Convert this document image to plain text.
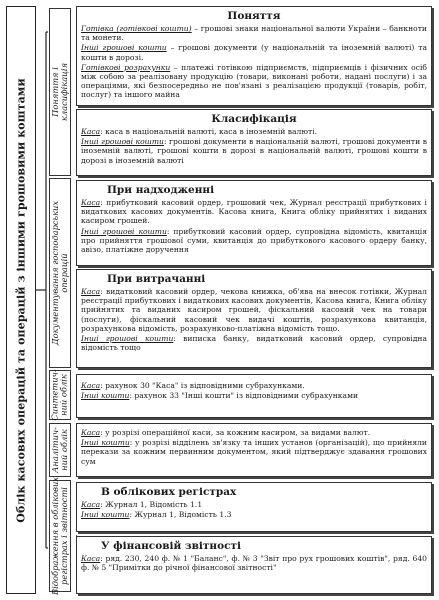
Облік касових операцій та операцій з іншими грошовими коштами	Поняття і
класифікація
Документування господарських
операцій
Синтетич-
ний облік
Аналітич-
ний облік
Відображення в облікових
регістрах і звітності
Поняття

Готівка (готівкові кошти) – грошові знаки національної валюти України – банкноти та монети.

Інші грошові кошти – грошові документи (у національній та іноземній валюті) та кошти в дорозі.

Готівкові розрахунки – платежі готівкою підприємств, підприємців і фізичних осіб між собою за реалізовану продукцію (товари, виконані роботи, надані послуги) і за операціями, які безпосередньо не пов'язані з реалізацією продукції (товарів, робіт, послуг) та іншого майна

Класифікація

Каса: каса в національній валюті, каса в іноземній валюті.

Інші грошові кошти: грошові документи в національній валюті, грошові документи в іноземній валюті, грошові кошти в дорозі в національній валюті, грошові кошти в дорозі в іноземній валюті

При надходженні

Каса: прибутковий касовий ордер, грошовий чек, Журнал реєстрації прибуткових і видаткових касових документів. Касова книга, Книга обліку прийнятих і виданих касиром грошей.

Інші грошові кошти: прибутковий касовий ордер, супровідна відомість, квитанція про прийняття грошової суми, квитанція до прибуткового касового ордеру банку, авізо, платіжне доручення

При витрачанні

Каса: видатковий касовий ордер, чекова книжка, об'ява на внесок готівки, Журнал реєстрації прибуткових і видаткових касових документів, Касова книга, Книга обліку прийнятих та виданих касиром грошей, фіскальний касовий чек на товари (послуги), фіскальний касовий чек видачі коштів, розрахункова квитанція, розрахункова відомість, розрахунково-платіжна відомість тощо.

Інші грошові кошти: виписка банку, видатковий касовий ордер, супровідна відомість тощо

Каса: рахунок 30 "Каса" із відповідними субрахунками.

Інші кошти: рахунок 33 "Інші кошти" із відповідними субрахунками

Каса: у розрізі операційної каси, за кожним касиром, за видами валют.

Інші кошти: у розрізі відділень зв'язку та інших установ (організацій), що прийняли перекази за кожним первинним документом, який підтверджує здавання грошових сум

В облікових регістрах

Каса: Журнал 1, Відомість 1.1

Інші кошти: Журнал 1, Відомість 1.3

У фінансовій звітності

Каса: ряд. 230, 240 ф. № 1 "Баланс", ф. № 3 "Звіт про рух грошових коштів", ряд. 640 ф. № 5 "Примітки до річної фінансової звітності"
